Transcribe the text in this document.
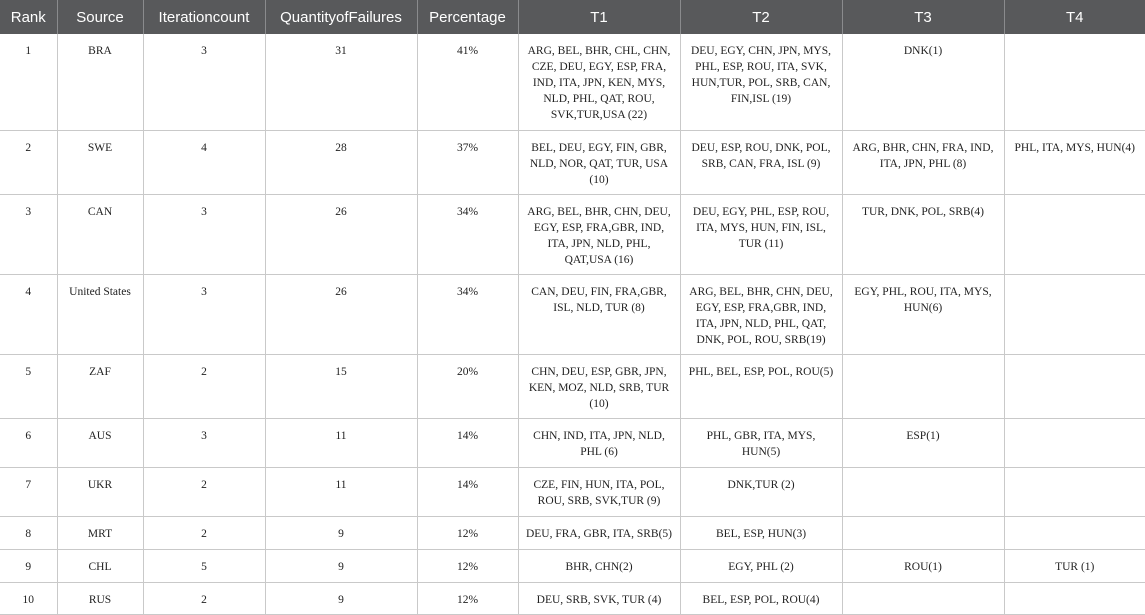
Rank	Source	Iterationcount	QuantityofFailures	Percentage	T1	T2	T3	T4
1	BRA	3	31	41%	ARG, BEL, BHR, CHL, CHN, CZE, DEU, EGY, ESP, FRA, IND, ITA, JPN, KEN, MYS, NLD, PHL, QAT, ROU, SVK,TUR,USA (22)	DEU, EGY, CHN, JPN, MYS, PHL, ESP, ROU, ITA, SVK, HUN,TUR, POL, SRB, CAN, FIN,ISL (19)	DNK(1)	
2	SWE	4	28	37%	BEL, DEU, EGY, FIN, GBR, NLD, NOR, QAT, TUR, USA (10)	DEU, ESP, ROU, DNK, POL, SRB, CAN, FRA, ISL (9)	ARG, BHR, CHN, FRA, IND, ITA, JPN, PHL (8)	PHL, ITA, MYS, HUN(4)
3	CAN	3	26	34%	ARG, BEL, BHR, CHN, DEU, EGY, ESP, FRA,GBR, IND, ITA, JPN, NLD, PHL, QAT,USA (16)	DEU, EGY, PHL, ESP, ROU, ITA, MYS, HUN, FIN, ISL, TUR (11)	TUR, DNK, POL, SRB(4)	
4	United States	3	26	34%	CAN, DEU, FIN, FRA,GBR, ISL, NLD, TUR (8)	ARG, BEL, BHR, CHN, DEU, EGY, ESP, FRA,GBR, IND, ITA, JPN, NLD, PHL, QAT, DNK, POL, ROU, SRB(19)	EGY, PHL, ROU, ITA, MYS, HUN(6)	
5	ZAF	2	15	20%	CHN, DEU, ESP, GBR, JPN, KEN, MOZ, NLD, SRB, TUR (10)	PHL, BEL, ESP, POL, ROU(5)		
6	AUS	3	11	14%	CHN, IND, ITA, JPN, NLD, PHL (6)	PHL, GBR, ITA, MYS, HUN(5)	ESP(1)	
7	UKR	2	11	14%	CZE, FIN, HUN, ITA, POL, ROU, SRB, SVK,TUR (9)	DNK,TUR (2)		
8	MRT	2	9	12%	DEU, FRA, GBR, ITA, SRB(5)	BEL, ESP, HUN(3)		
9	CHL	5	9	12%	BHR, CHN(2)	EGY, PHL (2)	ROU(1)	TUR (1)
10	RUS	2	9	12%	DEU, SRB, SVK, TUR (4)	BEL, ESP, POL, ROU(4)		
